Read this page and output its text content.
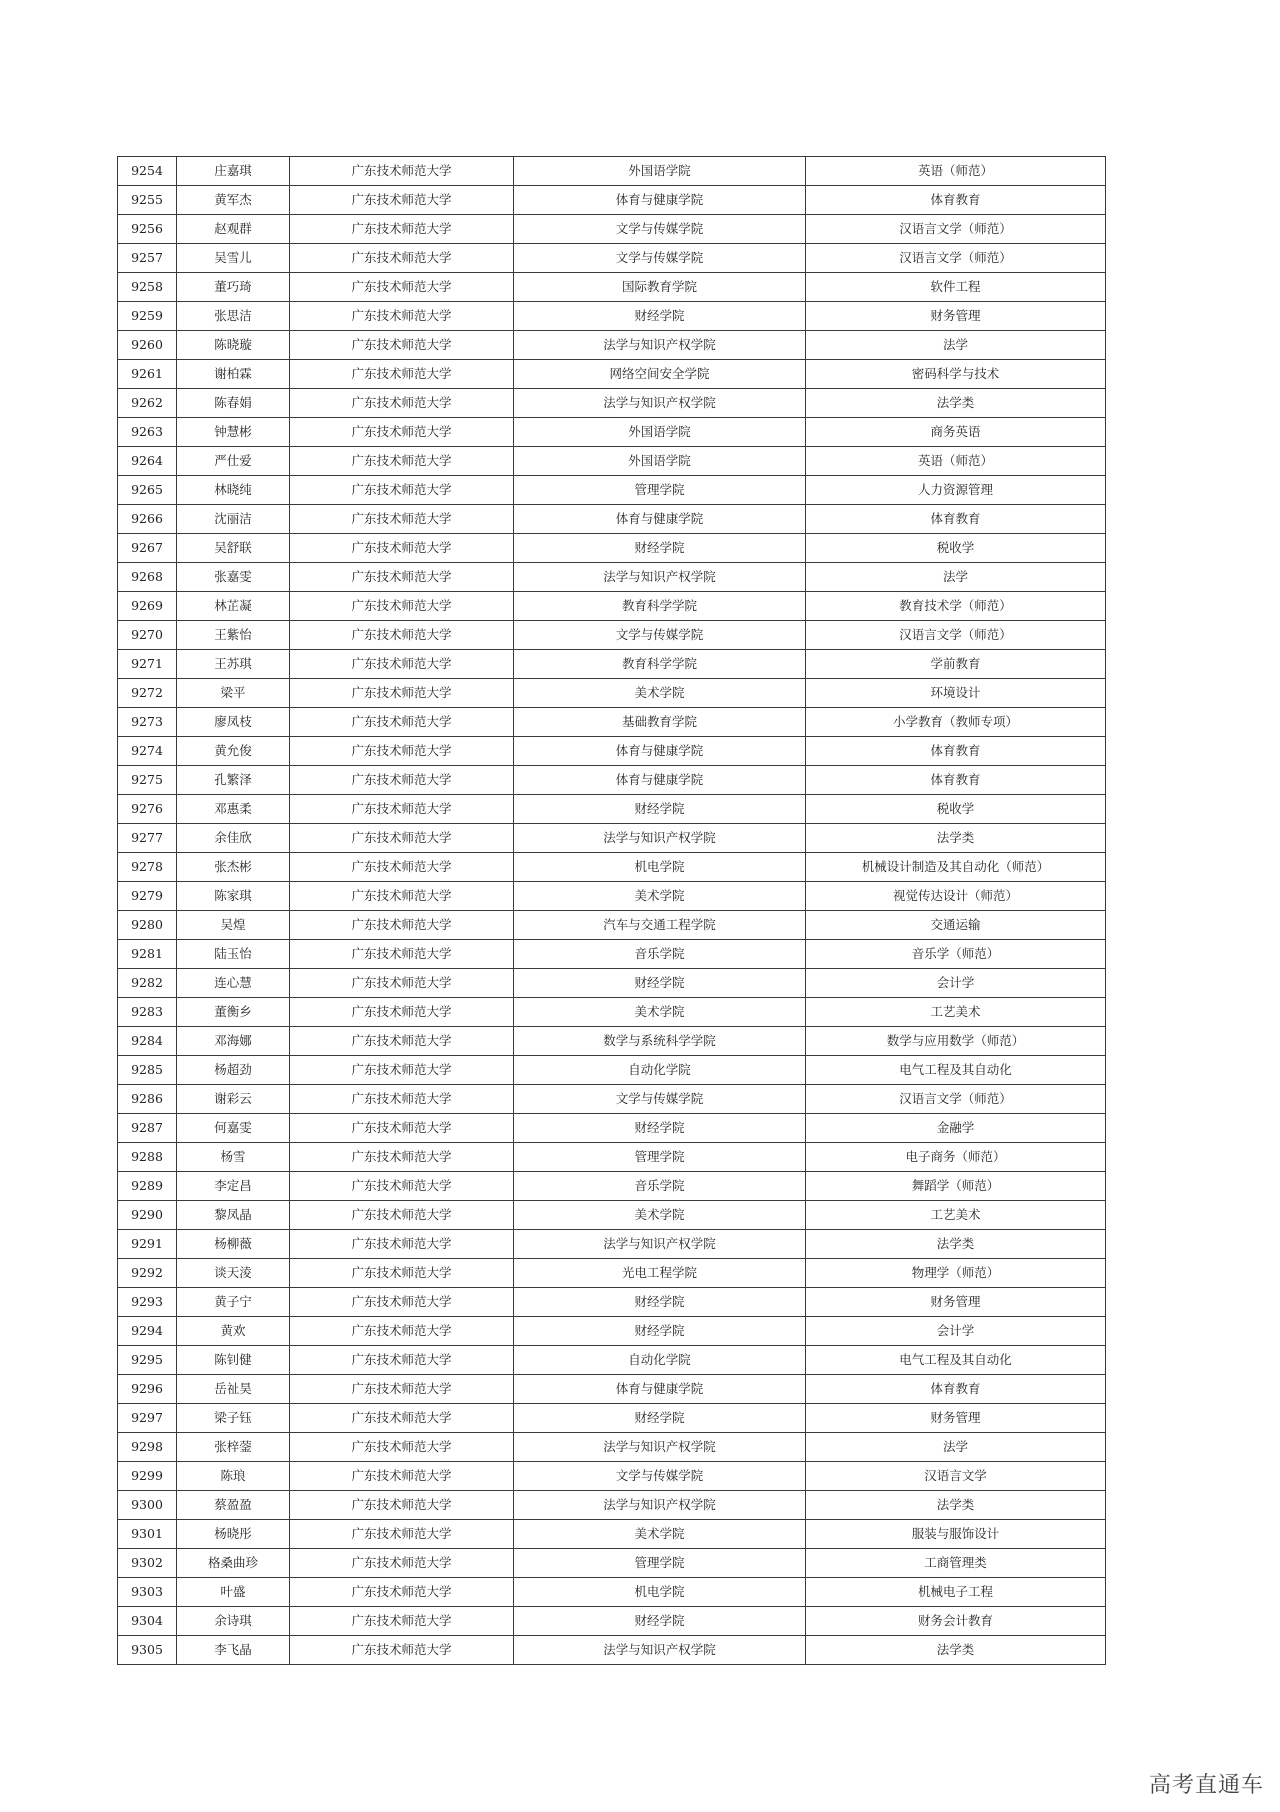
9254	庄嘉琪	广东技术师范大学	外国语学院	英语（师范）
9255	黄军杰	广东技术师范大学	体育与健康学院	体育教育
9256	赵观群	广东技术师范大学	文学与传媒学院	汉语言文学（师范）
9257	吴雪儿	广东技术师范大学	文学与传媒学院	汉语言文学（师范）
9258	董巧琦	广东技术师范大学	国际教育学院	软件工程
9259	张思洁	广东技术师范大学	财经学院	财务管理
9260	陈晓璇	广东技术师范大学	法学与知识产权学院	法学
9261	谢柏霖	广东技术师范大学	网络空间安全学院	密码科学与技术
9262	陈春娟	广东技术师范大学	法学与知识产权学院	法学类
9263	钟慧彬	广东技术师范大学	外国语学院	商务英语
9264	严仕爱	广东技术师范大学	外国语学院	英语（师范）
9265	林晓纯	广东技术师范大学	管理学院	人力资源管理
9266	沈丽洁	广东技术师范大学	体育与健康学院	体育教育
9267	吴舒联	广东技术师范大学	财经学院	税收学
9268	张嘉雯	广东技术师范大学	法学与知识产权学院	法学
9269	林芷凝	广东技术师范大学	教育科学学院	教育技术学（师范）
9270	王紫怡	广东技术师范大学	文学与传媒学院	汉语言文学（师范）
9271	王苏琪	广东技术师范大学	教育科学学院	学前教育
9272	梁平	广东技术师范大学	美术学院	环境设计
9273	廖凤枝	广东技术师范大学	基础教育学院	小学教育（教师专项）
9274	黄允俊	广东技术师范大学	体育与健康学院	体育教育
9275	孔繁泽	广东技术师范大学	体育与健康学院	体育教育
9276	邓惠柔	广东技术师范大学	财经学院	税收学
9277	余佳欣	广东技术师范大学	法学与知识产权学院	法学类
9278	张杰彬	广东技术师范大学	机电学院	机械设计制造及其自动化（师范）
9279	陈家琪	广东技术师范大学	美术学院	视觉传达设计（师范）
9280	吴煌	广东技术师范大学	汽车与交通工程学院	交通运输
9281	陆玉怡	广东技术师范大学	音乐学院	音乐学（师范）
9282	连心慧	广东技术师范大学	财经学院	会计学
9283	董衡乡	广东技术师范大学	美术学院	工艺美术
9284	邓海娜	广东技术师范大学	数学与系统科学学院	数学与应用数学（师范）
9285	杨超劲	广东技术师范大学	自动化学院	电气工程及其自动化
9286	谢彩云	广东技术师范大学	文学与传媒学院	汉语言文学（师范）
9287	何嘉雯	广东技术师范大学	财经学院	金融学
9288	杨雪	广东技术师范大学	管理学院	电子商务（师范）
9289	李定昌	广东技术师范大学	音乐学院	舞蹈学（师范）
9290	黎凤晶	广东技术师范大学	美术学院	工艺美术
9291	杨柳薇	广东技术师范大学	法学与知识产权学院	法学类
9292	谈天淩	广东技术师范大学	光电工程学院	物理学（师范）
9293	黄子宁	广东技术师范大学	财经学院	财务管理
9294	黄欢	广东技术师范大学	财经学院	会计学
9295	陈钊健	广东技术师范大学	自动化学院	电气工程及其自动化
9296	岳祉昊	广东技术师范大学	体育与健康学院	体育教育
9297	梁子钰	广东技术师范大学	财经学院	财务管理
9298	张梓蓥	广东技术师范大学	法学与知识产权学院	法学
9299	陈琅	广东技术师范大学	文学与传媒学院	汉语言文学
9300	蔡盈盈	广东技术师范大学	法学与知识产权学院	法学类
9301	杨晓彤	广东技术师范大学	美术学院	服装与服饰设计
9302	格桑曲珍	广东技术师范大学	管理学院	工商管理类
9303	叶盛	广东技术师范大学	机电学院	机械电子工程
9304	余诗琪	广东技术师范大学	财经学院	财务会计教育
9305	李飞晶	广东技术师范大学	法学与知识产权学院	法学类
高考直通车
